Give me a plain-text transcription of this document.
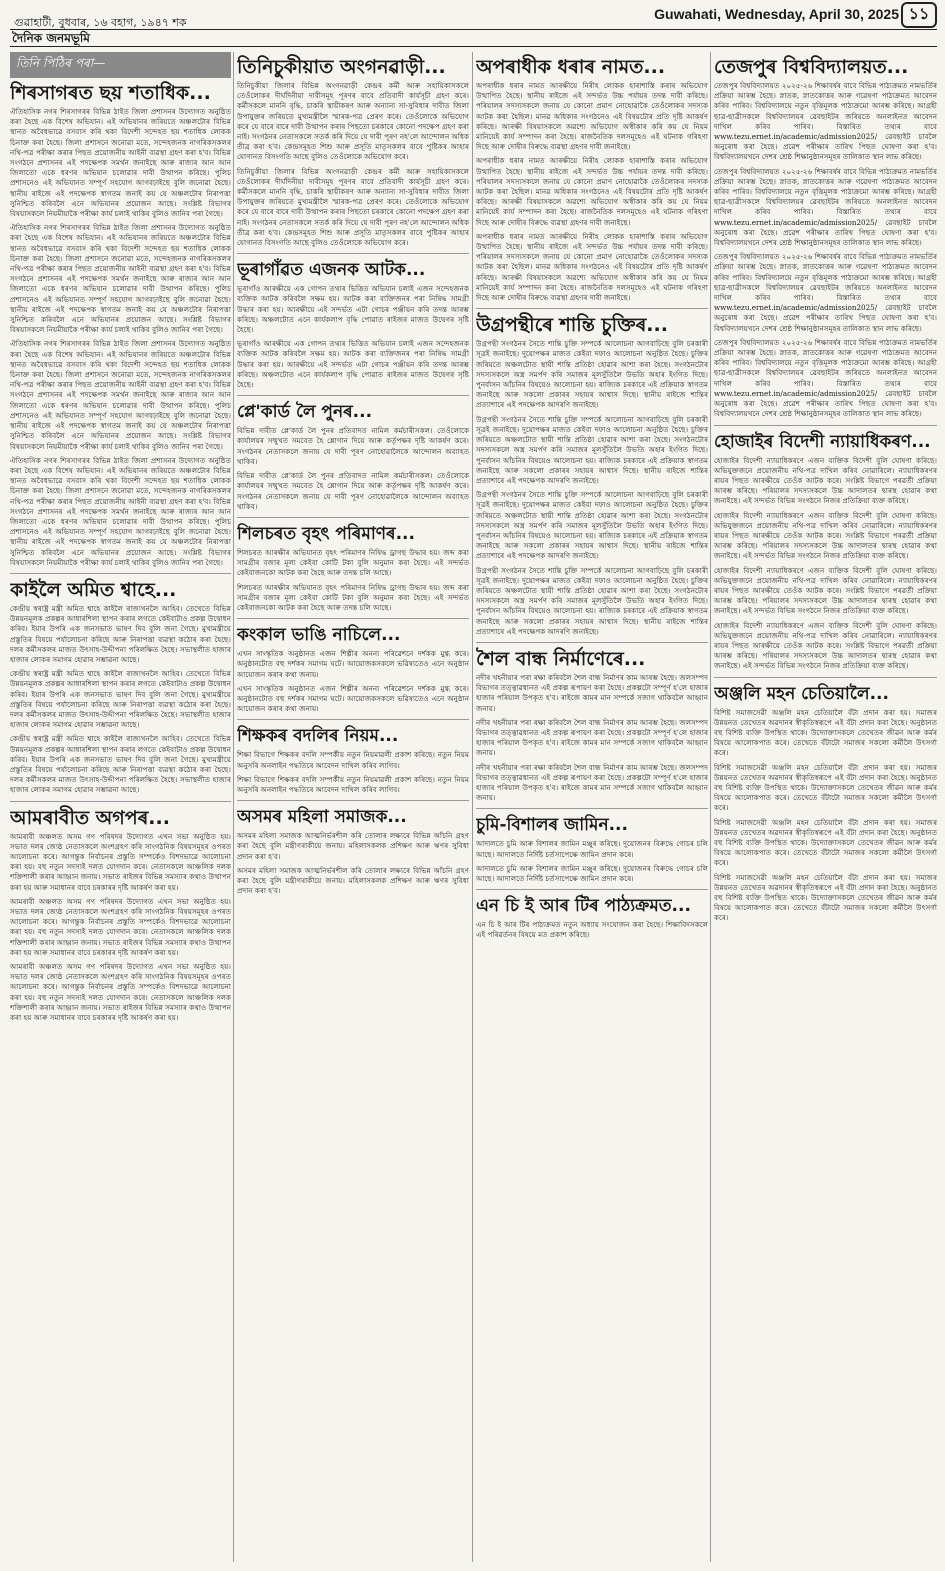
গুৱাহাটী, বুধবাৰ, ১৬ বহাগ, ১৯৪৭ শক
দৈনিক জনমভূমি
Guwahati, Wednesday, April 30, 2025 ১১
তিনি পিঠিৰ পৰা—
শিৰসাগৰত ছয় শতাধিক...

ঐতিহাসিক নগৰ শিৰসাগৰৰ বিভিন্ন ঠাইত জিলা প্ৰশাসনৰ উদ্যোগত অনুষ্ঠিত কৰা হৈছে এক বিশেষ অভিযান। এই অভিযানৰ জৰিয়তে অঞ্চলটোৰ বিভিন্ন স্থানত অবৈধভাৱে বসবাস কৰি থকা বিদেশী সন্দেহত ছয় শতাধিক লোকক চিনাক্ত কৰা হৈছে। জিলা প্ৰশাসনে জনোৱা মতে, সন্দেহজনক নাগৰিকসকলৰ নথি-পত্ৰ পৰীক্ষা কৰাৰ পিছত প্ৰয়োজনীয় আইনী ব্যৱস্থা গ্ৰহণ কৰা হ'ব। বিভিন্ন সংগঠনে প্ৰশাসনৰ এই পদক্ষেপক সমৰ্থন জনাইছে আৰু ৰাজ্যৰ আন আন জিলাতো একে ধৰণৰ অভিযান চলোৱাৰ দাবী উত্থাপন কৰিছে। পুলিচ প্ৰশাসনেও এই অভিযানত সম্পূৰ্ণ সহযোগ আগবঢ়াইছে বুলি জনোৱা হৈছে। স্থানীয় ৰাইজে এই পদক্ষেপক স্বাগতম জনাই কয় যে অঞ্চলটোৰ নিৰাপত্তা সুনিশ্চিত কৰিবলৈ এনে অভিযানৰ প্ৰয়োজন আছে। সংশ্লিষ্ট বিভাগৰ বিষয়াসকলে নিয়মীয়াকৈ পৰীক্ষা কাৰ্য চলাই থাকিব বুলিও জানিব পৰা গৈছে।

ঐতিহাসিক নগৰ শিৰসাগৰৰ বিভিন্ন ঠাইত জিলা প্ৰশাসনৰ উদ্যোগত অনুষ্ঠিত কৰা হৈছে এক বিশেষ অভিযান। এই অভিযানৰ জৰিয়তে অঞ্চলটোৰ বিভিন্ন স্থানত অবৈধভাৱে বসবাস কৰি থকা বিদেশী সন্দেহত ছয় শতাধিক লোকক চিনাক্ত কৰা হৈছে। জিলা প্ৰশাসনে জনোৱা মতে, সন্দেহজনক নাগৰিকসকলৰ নথি-পত্ৰ পৰীক্ষা কৰাৰ পিছত প্ৰয়োজনীয় আইনী ব্যৱস্থা গ্ৰহণ কৰা হ'ব। বিভিন্ন সংগঠনে প্ৰশাসনৰ এই পদক্ষেপক সমৰ্থন জনাইছে আৰু ৰাজ্যৰ আন আন জিলাতো একে ধৰণৰ অভিযান চলোৱাৰ দাবী উত্থাপন কৰিছে। পুলিচ প্ৰশাসনেও এই অভিযানত সম্পূৰ্ণ সহযোগ আগবঢ়াইছে বুলি জনোৱা হৈছে। স্থানীয় ৰাইজে এই পদক্ষেপক স্বাগতম জনাই কয় যে অঞ্চলটোৰ নিৰাপত্তা সুনিশ্চিত কৰিবলৈ এনে অভিযানৰ প্ৰয়োজন আছে। সংশ্লিষ্ট বিভাগৰ বিষয়াসকলে নিয়মীয়াকৈ পৰীক্ষা কাৰ্য চলাই থাকিব বুলিও জানিব পৰা গৈছে।

ঐতিহাসিক নগৰ শিৰসাগৰৰ বিভিন্ন ঠাইত জিলা প্ৰশাসনৰ উদ্যোগত অনুষ্ঠিত কৰা হৈছে এক বিশেষ অভিযান। এই অভিযানৰ জৰিয়তে অঞ্চলটোৰ বিভিন্ন স্থানত অবৈধভাৱে বসবাস কৰি থকা বিদেশী সন্দেহত ছয় শতাধিক লোকক চিনাক্ত কৰা হৈছে। জিলা প্ৰশাসনে জনোৱা মতে, সন্দেহজনক নাগৰিকসকলৰ নথি-পত্ৰ পৰীক্ষা কৰাৰ পিছত প্ৰয়োজনীয় আইনী ব্যৱস্থা গ্ৰহণ কৰা হ'ব। বিভিন্ন সংগঠনে প্ৰশাসনৰ এই পদক্ষেপক সমৰ্থন জনাইছে আৰু ৰাজ্যৰ আন আন জিলাতো একে ধৰণৰ অভিযান চলোৱাৰ দাবী উত্থাপন কৰিছে। পুলিচ প্ৰশাসনেও এই অভিযানত সম্পূৰ্ণ সহযোগ আগবঢ়াইছে বুলি জনোৱা হৈছে। স্থানীয় ৰাইজে এই পদক্ষেপক স্বাগতম জনাই কয় যে অঞ্চলটোৰ নিৰাপত্তা সুনিশ্চিত কৰিবলৈ এনে অভিযানৰ প্ৰয়োজন আছে। সংশ্লিষ্ট বিভাগৰ বিষয়াসকলে নিয়মীয়াকৈ পৰীক্ষা কাৰ্য চলাই থাকিব বুলিও জানিব পৰা গৈছে।

ঐতিহাসিক নগৰ শিৰসাগৰৰ বিভিন্ন ঠাইত জিলা প্ৰশাসনৰ উদ্যোগত অনুষ্ঠিত কৰা হৈছে এক বিশেষ অভিযান। এই অভিযানৰ জৰিয়তে অঞ্চলটোৰ বিভিন্ন স্থানত অবৈধভাৱে বসবাস কৰি থকা বিদেশী সন্দেহত ছয় শতাধিক লোকক চিনাক্ত কৰা হৈছে। জিলা প্ৰশাসনে জনোৱা মতে, সন্দেহজনক নাগৰিকসকলৰ নথি-পত্ৰ পৰীক্ষা কৰাৰ পিছত প্ৰয়োজনীয় আইনী ব্যৱস্থা গ্ৰহণ কৰা হ'ব। বিভিন্ন সংগঠনে প্ৰশাসনৰ এই পদক্ষেপক সমৰ্থন জনাইছে আৰু ৰাজ্যৰ আন আন জিলাতো একে ধৰণৰ অভিযান চলোৱাৰ দাবী উত্থাপন কৰিছে। পুলিচ প্ৰশাসনেও এই অভিযানত সম্পূৰ্ণ সহযোগ আগবঢ়াইছে বুলি জনোৱা হৈছে। স্থানীয় ৰাইজে এই পদক্ষেপক স্বাগতম জনাই কয় যে অঞ্চলটোৰ নিৰাপত্তা সুনিশ্চিত কৰিবলৈ এনে অভিযানৰ প্ৰয়োজন আছে। সংশ্লিষ্ট বিভাগৰ বিষয়াসকলে নিয়মীয়াকৈ পৰীক্ষা কাৰ্য চলাই থাকিব বুলিও জানিব পৰা গৈছে।

কাইলৈ অমিত শ্বাহে...

কেন্দ্ৰীয় স্বৰাষ্ট্ৰ মন্ত্ৰী অমিত শ্বাহে কাইলৈ ৰাজ্যখনলৈ আহিব। তেখেতে বিভিন্ন উন্নয়নমূলক প্ৰকল্পৰ আধাৰশিলা স্থাপন কৰাৰ লগতে কেইবাটাও প্ৰকল্প উদ্বোধন কৰিব। ইয়াৰ উপৰি এক জনসভাত ভাষণ দিব বুলি জনা গৈছে। মুখ্যমন্ত্ৰীয়ে প্ৰস্তুতিৰ বিষয়ে পৰ্যালোচনা কৰিছে আৰু নিৰাপত্তা ব্যৱস্থা কঠোৰ কৰা হৈছে। দলৰ কৰ্মীসকলৰ মাজত উৎসাহ-উদ্দীপনা পৰিলক্ষিত হৈছে। সভাস্থলীত হাজাৰ হাজাৰ লোকৰ সমাগম হোৱাৰ সম্ভাৱনা আছে।

কেন্দ্ৰীয় স্বৰাষ্ট্ৰ মন্ত্ৰী অমিত শ্বাহে কাইলৈ ৰাজ্যখনলৈ আহিব। তেখেতে বিভিন্ন উন্নয়নমূলক প্ৰকল্পৰ আধাৰশিলা স্থাপন কৰাৰ লগতে কেইবাটাও প্ৰকল্প উদ্বোধন কৰিব। ইয়াৰ উপৰি এক জনসভাত ভাষণ দিব বুলি জনা গৈছে। মুখ্যমন্ত্ৰীয়ে প্ৰস্তুতিৰ বিষয়ে পৰ্যালোচনা কৰিছে আৰু নিৰাপত্তা ব্যৱস্থা কঠোৰ কৰা হৈছে। দলৰ কৰ্মীসকলৰ মাজত উৎসাহ-উদ্দীপনা পৰিলক্ষিত হৈছে। সভাস্থলীত হাজাৰ হাজাৰ লোকৰ সমাগম হোৱাৰ সম্ভাৱনা আছে।

কেন্দ্ৰীয় স্বৰাষ্ট্ৰ মন্ত্ৰী অমিত শ্বাহে কাইলৈ ৰাজ্যখনলৈ আহিব। তেখেতে বিভিন্ন উন্নয়নমূলক প্ৰকল্পৰ আধাৰশিলা স্থাপন কৰাৰ লগতে কেইবাটাও প্ৰকল্প উদ্বোধন কৰিব। ইয়াৰ উপৰি এক জনসভাত ভাষণ দিব বুলি জনা গৈছে। মুখ্যমন্ত্ৰীয়ে প্ৰস্তুতিৰ বিষয়ে পৰ্যালোচনা কৰিছে আৰু নিৰাপত্তা ব্যৱস্থা কঠোৰ কৰা হৈছে। দলৰ কৰ্মীসকলৰ মাজত উৎসাহ-উদ্দীপনা পৰিলক্ষিত হৈছে। সভাস্থলীত হাজাৰ হাজাৰ লোকৰ সমাগম হোৱাৰ সম্ভাৱনা আছে।

আমৰাবীত অগপৰ...

আমৰাবী অঞ্চলত অসম গণ পৰিষদৰ উদ্যোগত এখন সভা অনুষ্ঠিত হয়। সভাত দলৰ জ্যেষ্ঠ নেতাসকলে অংশগ্ৰহণ কৰি সাংগঠনিক বিষয়সমূহৰ ওপৰত আলোচনা কৰে। আগন্তুক নিৰ্বাচনৰ প্ৰস্তুতি সম্পৰ্কেও বিশদভাৱে আলোচনা কৰা হয়। বহু নতুন সদস্যই দলত যোগদান কৰে। নেতাসকলে আঞ্চলিক দলক শক্তিশালী কৰাৰ আহ্বান জনায়। সভাত ৰাইজৰ বিভিন্ন সমস্যাৰ কথাও উত্থাপন কৰা হয় আৰু সমাধানৰ বাবে চৰকাৰৰ দৃষ্টি আকৰ্ষণ কৰা হয়।

আমৰাবী অঞ্চলত অসম গণ পৰিষদৰ উদ্যোগত এখন সভা অনুষ্ঠিত হয়। সভাত দলৰ জ্যেষ্ঠ নেতাসকলে অংশগ্ৰহণ কৰি সাংগঠনিক বিষয়সমূহৰ ওপৰত আলোচনা কৰে। আগন্তুক নিৰ্বাচনৰ প্ৰস্তুতি সম্পৰ্কেও বিশদভাৱে আলোচনা কৰা হয়। বহু নতুন সদস্যই দলত যোগদান কৰে। নেতাসকলে আঞ্চলিক দলক শক্তিশালী কৰাৰ আহ্বান জনায়। সভাত ৰাইজৰ বিভিন্ন সমস্যাৰ কথাও উত্থাপন কৰা হয় আৰু সমাধানৰ বাবে চৰকাৰৰ দৃষ্টি আকৰ্ষণ কৰা হয়।

আমৰাবী অঞ্চলত অসম গণ পৰিষদৰ উদ্যোগত এখন সভা অনুষ্ঠিত হয়। সভাত দলৰ জ্যেষ্ঠ নেতাসকলে অংশগ্ৰহণ কৰি সাংগঠনিক বিষয়সমূহৰ ওপৰত আলোচনা কৰে। আগন্তুক নিৰ্বাচনৰ প্ৰস্তুতি সম্পৰ্কেও বিশদভাৱে আলোচনা কৰা হয়। বহু নতুন সদস্যই দলত যোগদান কৰে। নেতাসকলে আঞ্চলিক দলক শক্তিশালী কৰাৰ আহ্বান জনায়। সভাত ৰাইজৰ বিভিন্ন সমস্যাৰ কথাও উত্থাপন কৰা হয় আৰু সমাধানৰ বাবে চৰকাৰৰ দৃষ্টি আকৰ্ষণ কৰা হয়।

তিনিচুকীয়াত অংগনৱাড়ী...

তিনিচুকীয়া জিলাৰ বিভিন্ন অংগনৱাড়ী কেন্দ্ৰৰ কৰ্মী আৰু সহায়িকাসকলে তেওঁলোকৰ দীৰ্ঘদিনীয়া দাবীসমূহ পূৰণৰ বাবে প্ৰতিবাদী কাৰ্যসূচী গ্ৰহণ কৰে। কৰ্মীসকলে মাননি বৃদ্ধি, চাকৰি স্থায়ীকৰণ আৰু অন্যান্য সা-সুবিধাৰ দাবীত জিলা উপায়ুক্তৰ জৰিয়তে মুখ্যমন্ত্ৰীলৈ স্মাৰক-পত্ৰ প্ৰেৰণ কৰে। তেওঁলোকে অভিযোগ কৰে যে বাৰে বাৰে দাবী উত্থাপন কৰাৰ পিছতো চৰকাৰে কোনো পদক্ষেপ গ্ৰহণ কৰা নাই। সংগঠনৰ নেতাসকলে সতৰ্ক কৰি দিয়ে যে দাবী পূৰণ নহ'লে আন্দোলন অধিক তীব্ৰ কৰা হ'ব। কেন্দ্ৰসমূহত শিশু আৰু প্ৰসূতি মাতৃসকলৰ বাবে পুষ্টিকৰ আহাৰ যোগানত বিসংগতি আছে বুলিও তেওঁলোকে অভিযোগ কৰে।

তিনিচুকীয়া জিলাৰ বিভিন্ন অংগনৱাড়ী কেন্দ্ৰৰ কৰ্মী আৰু সহায়িকাসকলে তেওঁলোকৰ দীৰ্ঘদিনীয়া দাবীসমূহ পূৰণৰ বাবে প্ৰতিবাদী কাৰ্যসূচী গ্ৰহণ কৰে। কৰ্মীসকলে মাননি বৃদ্ধি, চাকৰি স্থায়ীকৰণ আৰু অন্যান্য সা-সুবিধাৰ দাবীত জিলা উপায়ুক্তৰ জৰিয়তে মুখ্যমন্ত্ৰীলৈ স্মাৰক-পত্ৰ প্ৰেৰণ কৰে। তেওঁলোকে অভিযোগ কৰে যে বাৰে বাৰে দাবী উত্থাপন কৰাৰ পিছতো চৰকাৰে কোনো পদক্ষেপ গ্ৰহণ কৰা নাই। সংগঠনৰ নেতাসকলে সতৰ্ক কৰি দিয়ে যে দাবী পূৰণ নহ'লে আন্দোলন অধিক তীব্ৰ কৰা হ'ব। কেন্দ্ৰসমূহত শিশু আৰু প্ৰসূতি মাতৃসকলৰ বাবে পুষ্টিকৰ আহাৰ যোগানত বিসংগতি আছে বুলিও তেওঁলোকে অভিযোগ কৰে।

ভূৰাগাঁৱত এজনক আটক...

ভূৰাগাঁও আৰক্ষীয়ে এক গোপন তথ্যৰ ভিত্তিত অভিযান চলাই এজন সন্দেহজনক ব্যক্তিক আটক কৰিবলৈ সক্ষম হয়। আটক কৰা ব্যক্তিজনৰ পৰা নিষিদ্ধ সামগ্ৰী উদ্ধাৰ কৰা হয়। আৰক্ষীয়ে এই সন্দৰ্ভত এটা গোচৰ পঞ্জীয়ন কৰি তদন্ত আৰম্ভ কৰিছে। অঞ্চলটোত এনে কাৰ্যকলাপ বৃদ্ধি পোৱাত ৰাইজৰ মাজত উদ্বেগৰ সৃষ্টি হৈছে।

ভূৰাগাঁও আৰক্ষীয়ে এক গোপন তথ্যৰ ভিত্তিত অভিযান চলাই এজন সন্দেহজনক ব্যক্তিক আটক কৰিবলৈ সক্ষম হয়। আটক কৰা ব্যক্তিজনৰ পৰা নিষিদ্ধ সামগ্ৰী উদ্ধাৰ কৰা হয়। আৰক্ষীয়ে এই সন্দৰ্ভত এটা গোচৰ পঞ্জীয়ন কৰি তদন্ত আৰম্ভ কৰিছে। অঞ্চলটোত এনে কাৰ্যকলাপ বৃদ্ধি পোৱাত ৰাইজৰ মাজত উদ্বেগৰ সৃষ্টি হৈছে।

প্লে'কাৰ্ড লৈ পুনৰ...

বিভিন্ন দাবীত প্লে'কাৰ্ড লৈ পুনৰ প্ৰতিবাদত নামিল কৰ্মচাৰীসকল। তেওঁলোকে কাৰ্যালয়ৰ সন্মুখত সমবেত হৈ শ্লোগান দিয়ে আৰু কৰ্তৃপক্ষৰ দৃষ্টি আকৰ্ষণ কৰে। সংগঠনৰ নেতাসকলে জনায় যে দাবী পূৰণ নোহোৱালৈকে আন্দোলন অব্যাহত থাকিব।

বিভিন্ন দাবীত প্লে'কাৰ্ড লৈ পুনৰ প্ৰতিবাদত নামিল কৰ্মচাৰীসকল। তেওঁলোকে কাৰ্যালয়ৰ সন্মুখত সমবেত হৈ শ্লোগান দিয়ে আৰু কৰ্তৃপক্ষৰ দৃষ্টি আকৰ্ষণ কৰে। সংগঠনৰ নেতাসকলে জনায় যে দাবী পূৰণ নোহোৱালৈকে আন্দোলন অব্যাহত থাকিব।

শিলচৰত বৃহৎ পৰিমাণৰ...

শিলচৰত আৰক্ষীৰ অভিযানত বৃহৎ পৰিমাণৰ নিষিদ্ধ ড্ৰাগছ উদ্ধাৰ হয়। জব্দ কৰা সামগ্ৰীৰ বজাৰ মূল্য কেইবা কোটি টকা বুলি অনুমান কৰা হৈছে। এই সন্দৰ্ভত কেইবাজনকো আটক কৰা হৈছে আৰু তদন্ত চলি আছে।

শিলচৰত আৰক্ষীৰ অভিযানত বৃহৎ পৰিমাণৰ নিষিদ্ধ ড্ৰাগছ উদ্ধাৰ হয়। জব্দ কৰা সামগ্ৰীৰ বজাৰ মূল্য কেইবা কোটি টকা বুলি অনুমান কৰা হৈছে। এই সন্দৰ্ভত কেইবাজনকো আটক কৰা হৈছে আৰু তদন্ত চলি আছে।

কংকাল ভাঙি নাচিলে...

এখন সাংস্কৃতিক অনুষ্ঠানত এজন শিল্পীৰ অনন্য পৰিৱেশনে দৰ্শকক মুগ্ধ কৰে। অনুষ্ঠানটোত বহু দৰ্শকৰ সমাগম ঘটে। আয়োজকসকলে ভৱিষ্যতেও এনে অনুষ্ঠান আয়োজন কৰাৰ কথা জনায়।

এখন সাংস্কৃতিক অনুষ্ঠানত এজন শিল্পীৰ অনন্য পৰিৱেশনে দৰ্শকক মুগ্ধ কৰে। অনুষ্ঠানটোত বহু দৰ্শকৰ সমাগম ঘটে। আয়োজকসকলে ভৱিষ্যতেও এনে অনুষ্ঠান আয়োজন কৰাৰ কথা জনায়।

শিক্ষকৰ বদলিৰ নিয়ম...

শিক্ষা বিভাগে শিক্ষকৰ বদলি সম্পৰ্কীয় নতুন নিয়মাৱলী প্ৰকাশ কৰিছে। নতুন নিয়ম অনুসৰি অনলাইন পদ্ধতিৰে আবেদন দাখিল কৰিব লাগিব।

শিক্ষা বিভাগে শিক্ষকৰ বদলি সম্পৰ্কীয় নতুন নিয়মাৱলী প্ৰকাশ কৰিছে। নতুন নিয়ম অনুসৰি অনলাইন পদ্ধতিৰে আবেদন দাখিল কৰিব লাগিব।

অসমৰ মহিলা সমাজক...

অসমৰ মহিলা সমাজক আত্মনিৰ্ভৰশীল কৰি তোলাৰ লক্ষ্যৰে বিভিন্ন আঁচনি গ্ৰহণ কৰা হৈছে বুলি মন্ত্ৰীগৰাকীয়ে জনায়। মহিলাসকলক প্ৰশিক্ষণ আৰু ঋণৰ সুবিধা প্ৰদান কৰা হ'ব।

অসমৰ মহিলা সমাজক আত্মনিৰ্ভৰশীল কৰি তোলাৰ লক্ষ্যৰে বিভিন্ন আঁচনি গ্ৰহণ কৰা হৈছে বুলি মন্ত্ৰীগৰাকীয়ে জনায়। মহিলাসকলক প্ৰশিক্ষণ আৰু ঋণৰ সুবিধা প্ৰদান কৰা হ'ব।

অপৰাধীক ধৰাৰ নামত...

অপৰাধীক ধৰাৰ নামত আৰক্ষীয়ে নিৰীহ লোকক হাৰাশাস্তি কৰাৰ অভিযোগ উত্থাপিত হৈছে। স্থানীয় ৰাইজে এই সন্দৰ্ভত উচ্চ পৰ্যায়ৰ তদন্ত দাবী কৰিছে। পৰিয়ালৰ সদস্যসকলে জনায় যে কোনো প্ৰমাণ নোহোৱাকৈ তেওঁলোকৰ সদস্যক আটক কৰা হৈছিল। মানৱ অধিকাৰ সংগঠনেও এই বিষয়টোৰ প্ৰতি দৃষ্টি আকৰ্ষণ কৰিছে। আৰক্ষী বিষয়াসকলে অৱশ্যে অভিযোগ অস্বীকাৰ কৰি কয় যে নিয়ম মানিয়েই কাৰ্য সম্পাদন কৰা হৈছে। ৰাজনৈতিক দলসমূহেও এই ঘটনাক গৰিহণা দিছে আৰু দোষীৰ বিৰুদ্ধে ব্যৱস্থা গ্ৰহণৰ দাবী জনাইছে।

অপৰাধীক ধৰাৰ নামত আৰক্ষীয়ে নিৰীহ লোকক হাৰাশাস্তি কৰাৰ অভিযোগ উত্থাপিত হৈছে। স্থানীয় ৰাইজে এই সন্দৰ্ভত উচ্চ পৰ্যায়ৰ তদন্ত দাবী কৰিছে। পৰিয়ালৰ সদস্যসকলে জনায় যে কোনো প্ৰমাণ নোহোৱাকৈ তেওঁলোকৰ সদস্যক আটক কৰা হৈছিল। মানৱ অধিকাৰ সংগঠনেও এই বিষয়টোৰ প্ৰতি দৃষ্টি আকৰ্ষণ কৰিছে। আৰক্ষী বিষয়াসকলে অৱশ্যে অভিযোগ অস্বীকাৰ কৰি কয় যে নিয়ম মানিয়েই কাৰ্য সম্পাদন কৰা হৈছে। ৰাজনৈতিক দলসমূহেও এই ঘটনাক গৰিহণা দিছে আৰু দোষীৰ বিৰুদ্ধে ব্যৱস্থা গ্ৰহণৰ দাবী জনাইছে।

অপৰাধীক ধৰাৰ নামত আৰক্ষীয়ে নিৰীহ লোকক হাৰাশাস্তি কৰাৰ অভিযোগ উত্থাপিত হৈছে। স্থানীয় ৰাইজে এই সন্দৰ্ভত উচ্চ পৰ্যায়ৰ তদন্ত দাবী কৰিছে। পৰিয়ালৰ সদস্যসকলে জনায় যে কোনো প্ৰমাণ নোহোৱাকৈ তেওঁলোকৰ সদস্যক আটক কৰা হৈছিল। মানৱ অধিকাৰ সংগঠনেও এই বিষয়টোৰ প্ৰতি দৃষ্টি আকৰ্ষণ কৰিছে। আৰক্ষী বিষয়াসকলে অৱশ্যে অভিযোগ অস্বীকাৰ কৰি কয় যে নিয়ম মানিয়েই কাৰ্য সম্পাদন কৰা হৈছে। ৰাজনৈতিক দলসমূহেও এই ঘটনাক গৰিহণা দিছে আৰু দোষীৰ বিৰুদ্ধে ব্যৱস্থা গ্ৰহণৰ দাবী জনাইছে।

উগ্ৰপন্থীৰে শান্তি চুক্তিৰ...

উগ্ৰপন্থী সংগঠনৰ সৈতে শান্তি চুক্তি সম্পৰ্কে আলোচনা আগবাঢ়িছে বুলি চৰকাৰী সূত্ৰই জনাইছে। দুয়োপক্ষৰ মাজত কেইবা দফাও আলোচনা অনুষ্ঠিত হৈছে। চুক্তিৰ জৰিয়তে অঞ্চলটোত স্থায়ী শান্তি প্ৰতিষ্ঠা হোৱাৰ আশা কৰা হৈছে। সংগঠনটোৰ সদস্যসকলে অস্ত্ৰ সমৰ্পণ কৰি সমাজৰ মূলসুঁতিলৈ উভতি অহাৰ ইংগিত দিছে। পুনৰ্বাসন আঁচনিৰ বিষয়েও আলোচনা হয়। ৰাজ্যিক চৰকাৰে এই প্ৰক্ৰিয়াক স্বাগতম জনাইছে আৰু সকলো প্ৰকাৰৰ সহায়ৰ আশ্বাস দিছে। স্থানীয় ৰাইজে শান্তিৰ প্ৰত্যাশাৰে এই পদক্ষেপক আদৰণি জনাইছে।

উগ্ৰপন্থী সংগঠনৰ সৈতে শান্তি চুক্তি সম্পৰ্কে আলোচনা আগবাঢ়িছে বুলি চৰকাৰী সূত্ৰই জনাইছে। দুয়োপক্ষৰ মাজত কেইবা দফাও আলোচনা অনুষ্ঠিত হৈছে। চুক্তিৰ জৰিয়তে অঞ্চলটোত স্থায়ী শান্তি প্ৰতিষ্ঠা হোৱাৰ আশা কৰা হৈছে। সংগঠনটোৰ সদস্যসকলে অস্ত্ৰ সমৰ্পণ কৰি সমাজৰ মূলসুঁতিলৈ উভতি অহাৰ ইংগিত দিছে। পুনৰ্বাসন আঁচনিৰ বিষয়েও আলোচনা হয়। ৰাজ্যিক চৰকাৰে এই প্ৰক্ৰিয়াক স্বাগতম জনাইছে আৰু সকলো প্ৰকাৰৰ সহায়ৰ আশ্বাস দিছে। স্থানীয় ৰাইজে শান্তিৰ প্ৰত্যাশাৰে এই পদক্ষেপক আদৰণি জনাইছে।

উগ্ৰপন্থী সংগঠনৰ সৈতে শান্তি চুক্তি সম্পৰ্কে আলোচনা আগবাঢ়িছে বুলি চৰকাৰী সূত্ৰই জনাইছে। দুয়োপক্ষৰ মাজত কেইবা দফাও আলোচনা অনুষ্ঠিত হৈছে। চুক্তিৰ জৰিয়তে অঞ্চলটোত স্থায়ী শান্তি প্ৰতিষ্ঠা হোৱাৰ আশা কৰা হৈছে। সংগঠনটোৰ সদস্যসকলে অস্ত্ৰ সমৰ্পণ কৰি সমাজৰ মূলসুঁতিলৈ উভতি অহাৰ ইংগিত দিছে। পুনৰ্বাসন আঁচনিৰ বিষয়েও আলোচনা হয়। ৰাজ্যিক চৰকাৰে এই প্ৰক্ৰিয়াক স্বাগতম জনাইছে আৰু সকলো প্ৰকাৰৰ সহায়ৰ আশ্বাস দিছে। স্থানীয় ৰাইজে শান্তিৰ প্ৰত্যাশাৰে এই পদক্ষেপক আদৰণি জনাইছে।

উগ্ৰপন্থী সংগঠনৰ সৈতে শান্তি চুক্তি সম্পৰ্কে আলোচনা আগবাঢ়িছে বুলি চৰকাৰী সূত্ৰই জনাইছে। দুয়োপক্ষৰ মাজত কেইবা দফাও আলোচনা অনুষ্ঠিত হৈছে। চুক্তিৰ জৰিয়তে অঞ্চলটোত স্থায়ী শান্তি প্ৰতিষ্ঠা হোৱাৰ আশা কৰা হৈছে। সংগঠনটোৰ সদস্যসকলে অস্ত্ৰ সমৰ্পণ কৰি সমাজৰ মূলসুঁতিলৈ উভতি অহাৰ ইংগিত দিছে। পুনৰ্বাসন আঁচনিৰ বিষয়েও আলোচনা হয়। ৰাজ্যিক চৰকাৰে এই প্ৰক্ৰিয়াক স্বাগতম জনাইছে আৰু সকলো প্ৰকাৰৰ সহায়ৰ আশ্বাস দিছে। স্থানীয় ৰাইজে শান্তিৰ প্ৰত্যাশাৰে এই পদক্ষেপক আদৰণি জনাইছে।

শৈল বান্ধ নিৰ্মাণেৰে...

নদীৰ খহনীয়াৰ পৰা ৰক্ষা কৰিবলৈ শৈল বান্ধ নিৰ্মাণৰ কাম আৰম্ভ হৈছে। জলসম্পদ বিভাগৰ তত্ত্বাৱধানত এই প্ৰকল্প ৰূপায়ণ কৰা হৈছে। প্ৰকল্পটো সম্পূৰ্ণ হ'লে হাজাৰ হাজাৰ পৰিয়াল উপকৃত হ'ব। ৰাইজে কামৰ মান সম্পৰ্কে সজাগ থাকিবলৈ আহ্বান জনায়।

নদীৰ খহনীয়াৰ পৰা ৰক্ষা কৰিবলৈ শৈল বান্ধ নিৰ্মাণৰ কাম আৰম্ভ হৈছে। জলসম্পদ বিভাগৰ তত্ত্বাৱধানত এই প্ৰকল্প ৰূপায়ণ কৰা হৈছে। প্ৰকল্পটো সম্পূৰ্ণ হ'লে হাজাৰ হাজাৰ পৰিয়াল উপকৃত হ'ব। ৰাইজে কামৰ মান সম্পৰ্কে সজাগ থাকিবলৈ আহ্বান জনায়।

নদীৰ খহনীয়াৰ পৰা ৰক্ষা কৰিবলৈ শৈল বান্ধ নিৰ্মাণৰ কাম আৰম্ভ হৈছে। জলসম্পদ বিভাগৰ তত্ত্বাৱধানত এই প্ৰকল্প ৰূপায়ণ কৰা হৈছে। প্ৰকল্পটো সম্পূৰ্ণ হ'লে হাজাৰ হাজাৰ পৰিয়াল উপকৃত হ'ব। ৰাইজে কামৰ মান সম্পৰ্কে সজাগ থাকিবলৈ আহ্বান জনায়।

চুমি-বিশালৰ জামিন...

আদালতে চুমি আৰু বিশালৰ জামিন মঞ্জুৰ কৰিছে। দুয়োজনৰ বিৰুদ্ধে গোচৰ চলি আছে। আদালতে নিৰ্দিষ্ট চৰ্তসাপেক্ষে জামিন প্ৰদান কৰে।

আদালতে চুমি আৰু বিশালৰ জামিন মঞ্জুৰ কৰিছে। দুয়োজনৰ বিৰুদ্ধে গোচৰ চলি আছে। আদালতে নিৰ্দিষ্ট চৰ্তসাপেক্ষে জামিন প্ৰদান কৰে।

এন চি ই আৰ টিৰ পাঠ্যক্ৰমত...

এন চি ই আৰ টিৰ পাঠ্যক্ৰমত নতুন অধ্যায় সংযোজন কৰা হৈছে। শিক্ষাবিদসকলে এই পৰিৱৰ্তনৰ বিষয়ে মত প্ৰকাশ কৰিছে।

তেজপুৰ বিশ্ববিদ্যালয়ত...

তেজপুৰ বিশ্ববিদ্যালয়ত ২০২৫-২৬ শিক্ষাবৰ্ষৰ বাবে বিভিন্ন পাঠ্যক্ৰমত নামভৰ্তিৰ প্ৰক্ৰিয়া আৰম্ভ হৈছে। স্নাতক, স্নাতকোত্তৰ আৰু গৱেষণা পাঠ্যক্ৰমত আবেদন কৰিব পাৰিব। বিশ্ববিদ্যালয়ে নতুন বৃত্তিমূলক পাঠ্যক্ৰমো আৰম্ভ কৰিছে। আগ্ৰহী ছাত্ৰ-ছাত্ৰীসকলে বিশ্ববিদ্যালয়ৰ ৱেবছাইটৰ জৰিয়তে অনলাইনত আবেদন দাখিল কৰিব পাৰিব। বিস্তাৰিত তথ্যৰ বাবে www.tezu.ernet.in/academic/admission2025/ ৱেবছাইট চাবলৈ অনুৰোধ কৰা হৈছে। প্ৰৱেশ পৰীক্ষাৰ তাৰিখ পিছত ঘোষণা কৰা হ'ব। বিশ্ববিদ্যালয়খনে দেশৰ শ্ৰেষ্ঠ শিক্ষানুষ্ঠানসমূহৰ তালিকাত স্থান লাভ কৰিছে।

তেজপুৰ বিশ্ববিদ্যালয়ত ২০২৫-২৬ শিক্ষাবৰ্ষৰ বাবে বিভিন্ন পাঠ্যক্ৰমত নামভৰ্তিৰ প্ৰক্ৰিয়া আৰম্ভ হৈছে। স্নাতক, স্নাতকোত্তৰ আৰু গৱেষণা পাঠ্যক্ৰমত আবেদন কৰিব পাৰিব। বিশ্ববিদ্যালয়ে নতুন বৃত্তিমূলক পাঠ্যক্ৰমো আৰম্ভ কৰিছে। আগ্ৰহী ছাত্ৰ-ছাত্ৰীসকলে বিশ্ববিদ্যালয়ৰ ৱেবছাইটৰ জৰিয়তে অনলাইনত আবেদন দাখিল কৰিব পাৰিব। বিস্তাৰিত তথ্যৰ বাবে www.tezu.ernet.in/academic/admission2025/ ৱেবছাইট চাবলৈ অনুৰোধ কৰা হৈছে। প্ৰৱেশ পৰীক্ষাৰ তাৰিখ পিছত ঘোষণা কৰা হ'ব। বিশ্ববিদ্যালয়খনে দেশৰ শ্ৰেষ্ঠ শিক্ষানুষ্ঠানসমূহৰ তালিকাত স্থান লাভ কৰিছে।

তেজপুৰ বিশ্ববিদ্যালয়ত ২০২৫-২৬ শিক্ষাবৰ্ষৰ বাবে বিভিন্ন পাঠ্যক্ৰমত নামভৰ্তিৰ প্ৰক্ৰিয়া আৰম্ভ হৈছে। স্নাতক, স্নাতকোত্তৰ আৰু গৱেষণা পাঠ্যক্ৰমত আবেদন কৰিব পাৰিব। বিশ্ববিদ্যালয়ে নতুন বৃত্তিমূলক পাঠ্যক্ৰমো আৰম্ভ কৰিছে। আগ্ৰহী ছাত্ৰ-ছাত্ৰীসকলে বিশ্ববিদ্যালয়ৰ ৱেবছাইটৰ জৰিয়তে অনলাইনত আবেদন দাখিল কৰিব পাৰিব। বিস্তাৰিত তথ্যৰ বাবে www.tezu.ernet.in/academic/admission2025/ ৱেবছাইট চাবলৈ অনুৰোধ কৰা হৈছে। প্ৰৱেশ পৰীক্ষাৰ তাৰিখ পিছত ঘোষণা কৰা হ'ব। বিশ্ববিদ্যালয়খনে দেশৰ শ্ৰেষ্ঠ শিক্ষানুষ্ঠানসমূহৰ তালিকাত স্থান লাভ কৰিছে।

তেজপুৰ বিশ্ববিদ্যালয়ত ২০২৫-২৬ শিক্ষাবৰ্ষৰ বাবে বিভিন্ন পাঠ্যক্ৰমত নামভৰ্তিৰ প্ৰক্ৰিয়া আৰম্ভ হৈছে। স্নাতক, স্নাতকোত্তৰ আৰু গৱেষণা পাঠ্যক্ৰমত আবেদন কৰিব পাৰিব। বিশ্ববিদ্যালয়ে নতুন বৃত্তিমূলক পাঠ্যক্ৰমো আৰম্ভ কৰিছে। আগ্ৰহী ছাত্ৰ-ছাত্ৰীসকলে বিশ্ববিদ্যালয়ৰ ৱেবছাইটৰ জৰিয়তে অনলাইনত আবেদন দাখিল কৰিব পাৰিব। বিস্তাৰিত তথ্যৰ বাবে www.tezu.ernet.in/academic/admission2025/ ৱেবছাইট চাবলৈ অনুৰোধ কৰা হৈছে। প্ৰৱেশ পৰীক্ষাৰ তাৰিখ পিছত ঘোষণা কৰা হ'ব। বিশ্ববিদ্যালয়খনে দেশৰ শ্ৰেষ্ঠ শিক্ষানুষ্ঠানসমূহৰ তালিকাত স্থান লাভ কৰিছে।

হোজাইৰ বিদেশী ন্যায়াধিকৰণ...

হোজাইৰ বিদেশী ন্যায়াধিকৰণে এজন ব্যক্তিক বিদেশী বুলি ঘোষণা কৰিছে। অভিযুক্তজনে প্ৰয়োজনীয় নথি-পত্ৰ দাখিল কৰিব নোৱাৰিলে। ন্যায়াধিকৰণৰ ৰায়ৰ পিছত আৰক্ষীয়ে তেওঁক আটক কৰে। সংশ্লিষ্ট বিভাগে পৰৱৰ্তী প্ৰক্ৰিয়া আৰম্ভ কৰিছে। পৰিয়ালৰ সদস্যসকলে উচ্চ আদালতৰ দ্বাৰস্থ হোৱাৰ কথা জনাইছে। এই সন্দৰ্ভত বিভিন্ন সংগঠনে নিজৰ প্ৰতিক্ৰিয়া ব্যক্ত কৰিছে।

হোজাইৰ বিদেশী ন্যায়াধিকৰণে এজন ব্যক্তিক বিদেশী বুলি ঘোষণা কৰিছে। অভিযুক্তজনে প্ৰয়োজনীয় নথি-পত্ৰ দাখিল কৰিব নোৱাৰিলে। ন্যায়াধিকৰণৰ ৰায়ৰ পিছত আৰক্ষীয়ে তেওঁক আটক কৰে। সংশ্লিষ্ট বিভাগে পৰৱৰ্তী প্ৰক্ৰিয়া আৰম্ভ কৰিছে। পৰিয়ালৰ সদস্যসকলে উচ্চ আদালতৰ দ্বাৰস্থ হোৱাৰ কথা জনাইছে। এই সন্দৰ্ভত বিভিন্ন সংগঠনে নিজৰ প্ৰতিক্ৰিয়া ব্যক্ত কৰিছে।

হোজাইৰ বিদেশী ন্যায়াধিকৰণে এজন ব্যক্তিক বিদেশী বুলি ঘোষণা কৰিছে। অভিযুক্তজনে প্ৰয়োজনীয় নথি-পত্ৰ দাখিল কৰিব নোৱাৰিলে। ন্যায়াধিকৰণৰ ৰায়ৰ পিছত আৰক্ষীয়ে তেওঁক আটক কৰে। সংশ্লিষ্ট বিভাগে পৰৱৰ্তী প্ৰক্ৰিয়া আৰম্ভ কৰিছে। পৰিয়ালৰ সদস্যসকলে উচ্চ আদালতৰ দ্বাৰস্থ হোৱাৰ কথা জনাইছে। এই সন্দৰ্ভত বিভিন্ন সংগঠনে নিজৰ প্ৰতিক্ৰিয়া ব্যক্ত কৰিছে।

হোজাইৰ বিদেশী ন্যায়াধিকৰণে এজন ব্যক্তিক বিদেশী বুলি ঘোষণা কৰিছে। অভিযুক্তজনে প্ৰয়োজনীয় নথি-পত্ৰ দাখিল কৰিব নোৱাৰিলে। ন্যায়াধিকৰণৰ ৰায়ৰ পিছত আৰক্ষীয়ে তেওঁক আটক কৰে। সংশ্লিষ্ট বিভাগে পৰৱৰ্তী প্ৰক্ৰিয়া আৰম্ভ কৰিছে। পৰিয়ালৰ সদস্যসকলে উচ্চ আদালতৰ দ্বাৰস্থ হোৱাৰ কথা জনাইছে। এই সন্দৰ্ভত বিভিন্ন সংগঠনে নিজৰ প্ৰতিক্ৰিয়া ব্যক্ত কৰিছে।

অঞ্জলি মহন চেতিয়ালৈ...

বিশিষ্ট সমাজসেৱী অঞ্জলি মহন চেতিয়ালৈ বঁটা প্ৰদান কৰা হয়। সমাজৰ উন্নয়নত তেখেতৰ অৱদানৰ স্বীকৃতিস্বৰূপে এই বঁটা প্ৰদান কৰা হৈছে। অনুষ্ঠানত বহু বিশিষ্ট ব্যক্তি উপস্থিত থাকে। উদ্যোক্তাসকলে তেখেতৰ জীৱন আৰু কৰ্মৰ বিষয়ে আলোকপাত কৰে। তেখেতে বঁটাটো সমাজৰ সকলো কৰ্মীলৈ উৎসৰ্গা কৰে।

বিশিষ্ট সমাজসেৱী অঞ্জলি মহন চেতিয়ালৈ বঁটা প্ৰদান কৰা হয়। সমাজৰ উন্নয়নত তেখেতৰ অৱদানৰ স্বীকৃতিস্বৰূপে এই বঁটা প্ৰদান কৰা হৈছে। অনুষ্ঠানত বহু বিশিষ্ট ব্যক্তি উপস্থিত থাকে। উদ্যোক্তাসকলে তেখেতৰ জীৱন আৰু কৰ্মৰ বিষয়ে আলোকপাত কৰে। তেখেতে বঁটাটো সমাজৰ সকলো কৰ্মীলৈ উৎসৰ্গা কৰে।

বিশিষ্ট সমাজসেৱী অঞ্জলি মহন চেতিয়ালৈ বঁটা প্ৰদান কৰা হয়। সমাজৰ উন্নয়নত তেখেতৰ অৱদানৰ স্বীকৃতিস্বৰূপে এই বঁটা প্ৰদান কৰা হৈছে। অনুষ্ঠানত বহু বিশিষ্ট ব্যক্তি উপস্থিত থাকে। উদ্যোক্তাসকলে তেখেতৰ জীৱন আৰু কৰ্মৰ বিষয়ে আলোকপাত কৰে। তেখেতে বঁটাটো সমাজৰ সকলো কৰ্মীলৈ উৎসৰ্গা কৰে।

বিশিষ্ট সমাজসেৱী অঞ্জলি মহন চেতিয়ালৈ বঁটা প্ৰদান কৰা হয়। সমাজৰ উন্নয়নত তেখেতৰ অৱদানৰ স্বীকৃতিস্বৰূপে এই বঁটা প্ৰদান কৰা হৈছে। অনুষ্ঠানত বহু বিশিষ্ট ব্যক্তি উপস্থিত থাকে। উদ্যোক্তাসকলে তেখেতৰ জীৱন আৰু কৰ্মৰ বিষয়ে আলোকপাত কৰে। তেখেতে বঁটাটো সমাজৰ সকলো কৰ্মীলৈ উৎসৰ্গা কৰে।
